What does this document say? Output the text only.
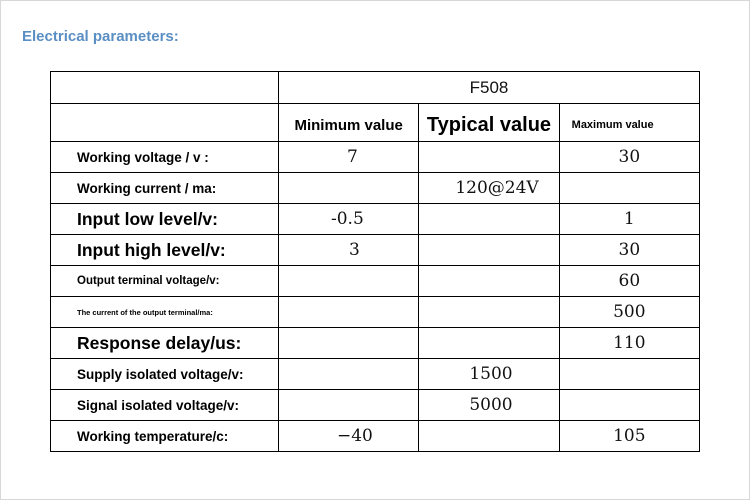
Electrical parameters:
	F508		
	Minimum value	Typical value	Maximum value
Working voltage / v :	7		30
Working current / ma:		120@24V	
Input low level/v:	-0.5		1
Input high level/v:	3		30
Output terminal voltage/v:			60
The current of the output terminal/ma:			500
Response delay/us:			110
Supply isolated voltage/v:		1500	
Signal isolated voltage/v:		5000	
Working temperature/c:	−40		105
